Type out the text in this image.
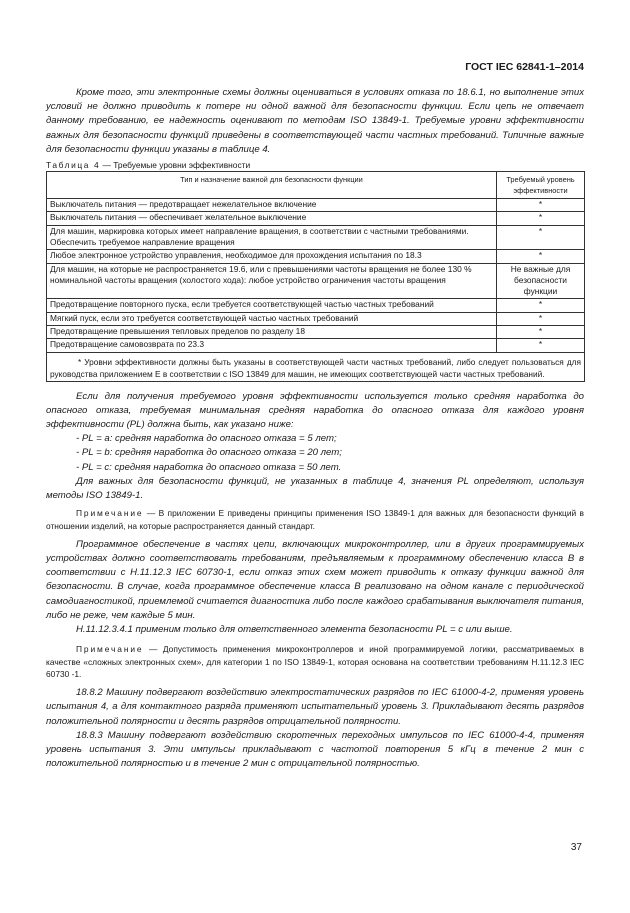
ГОСТ IEC 62841-1–2014

Кроме того, эти электронные схемы должны оцениваться в условиях отказа по 18.6.1, но выполнение этих условий не должно приводить к потере ни одной важной для безопасности функции. Если цепь не отвечает данному требованию, ее надежность оценивают по методам ISO 13849-1. Требуемые уровни эффективности важных для безопасности функций приведены в соответствующей части частных требований. Типичные важные для безопасности функции указаны в таблице 4.

Таблица 4 — Требуемые уровни эффективности
Тип и назначение важной для безопасности функции	Требуемый уровень эффективности
Выключатель питания — предотвращает нежелательное включение	*
Выключатель питания — обеспечивает желательное выключение	*
Для машин, маркировка которых имеет направление вращения, в соответствии с частными требованиями. Обеспечить требуемое направление вращения	*
Любое электронное устройство управления, необходимое для прохождения испытания по 18.3	*
Для машин, на которые не распространяется 19.6, или с превышениями частоты вращения не более 130 % номинальной частоты вращения (холостого хода): любое устройство ограничения частоты вращения	Не важные для безопасности функции
Предотвращение повторного пуска, если требуется соответствующей частью частных требований	*
Мягкий пуск, если это требуется соответствующей частью частных требований	*
Предотвращение превышения тепловых пределов по разделу 18	*
Предотвращение самовозврата по 23.3	*
* Уровни эффективности должны быть указаны в соответствующей части частных требований, либо следует пользоваться для руководства приложением Е в соответствии с ISO 13849 для машин, не имеющих соответствующей части частных требований.	

Если для получения требуемого уровня эффективности используется только средняя наработка до опасного отказа, требуемая минимальная средняя наработка до опасного отказа для каждого уровня эффективности (PL) должна быть, как указано ниже:

- PL = a: средняя наработка до опасного отказа = 5 лет;

- PL = b: средняя наработка до опасного отказа = 20 лет;

- PL = c: средняя наработка до опасного отказа = 50 лет.

Для важных для безопасности функций, не указанных в таблице 4, значения PL определяют, используя методы ISO 13849-1.

Примечание — В приложении Е приведены принципы применения ISO 13849-1 для важных для безопасности функций в отношении изделий, на которые распространяется данный стандарт.

Программное обеспечение в частях цепи, включающих микроконтроллер, или в других программируемых устройствах должно соответствовать требованиям, предъявляемым к программному обеспечению класса В в соответствии с Н.11.12.3 IEC 60730-1, если отказ этих схем может приводить к отказу функции важной для безопасности. В случае, когда программное обеспечение класса В реализовано на одном канале с периодической самодиагностикой, приемлемой считается диагностика либо после каждого срабатывания выключателя питания, либо не реже, чем каждые 5 мин.

Н.11.12.3.4.1 применим только для ответственного элемента безопасности PL = c или выше.

Примечание — Допустимость применения микроконтроллеров и иной программируемой логики, рассматриваемых в качестве «сложных электронных схем», для категории 1 по ISO 13849-1, которая основана на соответствии требованиям Н.11.12.3 IEC 60730 -1.

18.8.2 Машину подвергают воздействию электростатических разрядов по IEC 61000-4-2, применяя уровень испытания 4, а для контактного разряда применяют испытательный уровень 3. Прикладывают десять разрядов положительной полярности и десять разрядов отрицательной полярности.

18.8.3 Машину подвергают воздействию скоротечных переходных импульсов по IEC 61000-4-4, применяя уровень испытания 3. Эти импульсы прикладывают с частотой повторения 5 кГц в течение 2 мин с положительной полярностью и в течение 2 мин с отрицательной полярностью.

37
